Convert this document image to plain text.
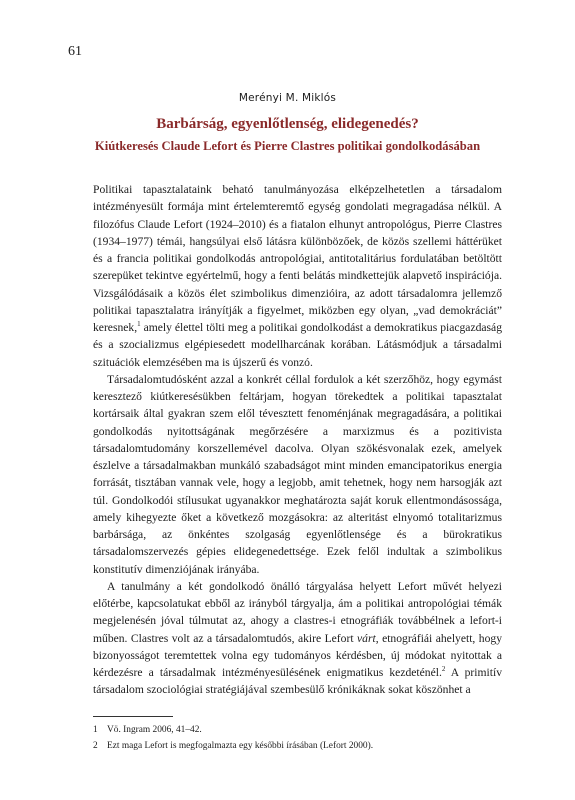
61
Merényi M. Miklós
Barbárság, egyenlőtlenség, elidegenedés?
Kiútkeresés Claude Lefort és Pierre Clastres politikai gondolkodásában

Politikai tapasztalataink beható tanulmányozása elképzelhetetlen a társadalom intézményesült formája mint értelemteremtő egység gondolati megragadása nélkül. A filozófus Claude Lefort (1924–2010) és a fiatalon elhunyt antropológus, Pierre Clastres (1934–1977) témái, hangsúlyai első látásra különbözőek, de közös szellemi háttérüket és a francia politikai gondolkodás antropológiai, antitotalitárius fordulatában betöltött szerepüket tekintve egyértelmű, hogy a fenti belátás mindkettejük alapvető inspirációja. Vizsgálódásaik a közös élet szimbolikus dimenzióira, az adott társadalomra jellemző politikai tapasztalatra irányítják a figyelmet, miközben egy olyan, „vad demokráciát” keresnek,$^1$ amely élettel tölti meg a politikai gondolkodást a demokratikus piacgazdaság és a szocializmus elgépiesedett modellharcának korában. Látásmódjuk a társadalmi szituációk elemzésében ma is újszerű és vonzó.

Társadalomtudósként azzal a konkrét céllal fordulok a két szerzőhöz, hogy egymást keresztező kiútkeresésükben feltárjam, hogyan törekedtek a politikai tapasztalat kortársaik által gyakran szem elől tévesztett fenoménjának megragadására, a politikai gondolkodás nyitottságának megőrzésére a marxizmus és a pozitivista társadalomtudomány korszellemével dacolva. Olyan szökésvonalak ezek, amelyek észlelve a társadalmakban munkáló szabadságot mint minden emancipatorikus energia forrását, tisztában vannak vele, hogy a legjobb, amit tehetnek, hogy nem harsogják azt túl. Gondolkodói stílusukat ugyanakkor meghatározta saját koruk ellentmondásossága, amely kihegyezte őket a következő mozgásokra: az alteritást elnyomó totalitarizmus barbársága, az önkéntes szolgaság egyenlőtlensége és a bürokratikus társadalomszervezés gépies elidegenedettsége. Ezek felől indultak a szimbolikus konstitutív dimenziójának irányába.

A tanulmány a két gondolkodó önálló tárgyalása helyett Lefort művét helyezi előtérbe, kapcsolatukat ebből az irányból tárgyalja, ám a politikai antropológiai témák megjelenésén jóval túlmutat az, ahogy a clastres-i etnográfiák továbbélnek a lefort-i műben. Clastres volt az a társadalomtudós, akire Lefort várt, etnográfiái ahelyett, hogy bizonyosságot teremtettek volna egy tudományos kérdésben, új módokat nyitottak a kérdezésre a társadalmak intézményesülésének enigmatikus kezdeténél.$^2$ A primitív társadalom szociológiai stratégiájával szembesülő krónikáknak sokat köszönhet a

1 Vö. Ingram 2006, 41–42.
2 Ezt maga Lefort is megfogalmazta egy későbbi írásában (Lefort 2000).
